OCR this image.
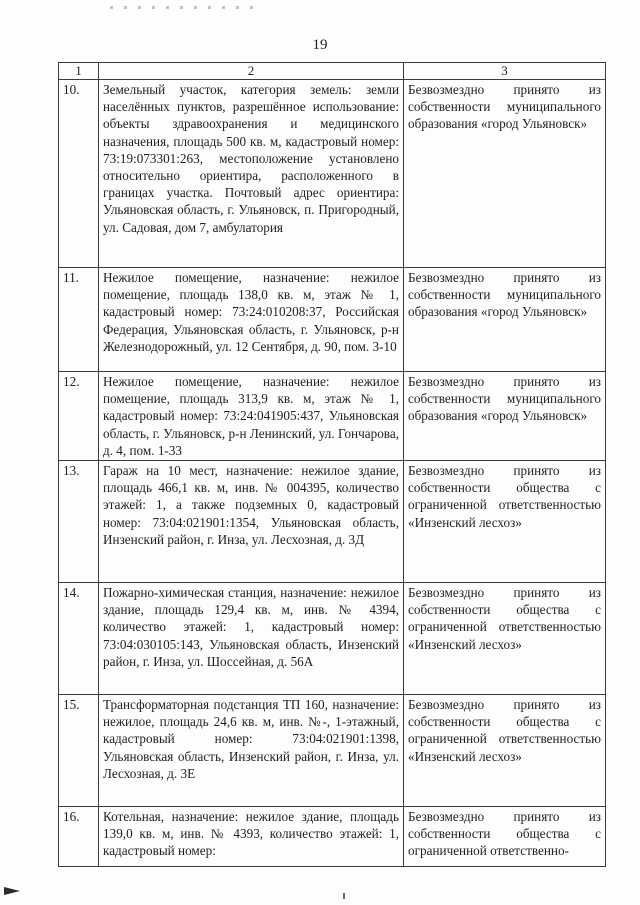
19
1	2	3
10.	Земельный участок, категория земель: земли населённых пунктов, разрешённое использование: объекты здравоохранения и медицинского назначения, площадь 500 кв. м, кадастровый номер: 73:19:073301:263, местоположение установлено относительно ориентира, расположенного в границах участка. Почтовый адрес ориентира: Ульяновская область, г. Ульяновск, п. Пригородный, ул. Садовая, дом 7, амбулатория	Безвозмездно принято из собственности муниципального образования «город Ульяновск»
11.	Нежилое помещение, назначение: нежилое помещение, площадь 138,0 кв. м, этаж № 1, кадастровый номер: 73:24:010208:37, Российская Федерация, Ульяновская область, г. Ульяновск, р-н Железнодорожный, ул. 12 Сентября, д. 90, пом. 3-10	Безвозмездно принято из собственности муниципального образования «город Ульяновск»
12.	Нежилое помещение, назначение: нежилое помещение, площадь 313,9 кв. м, этаж № 1, кадастровый номер: 73:24:041905:437, Ульяновская область, г. Ульяновск, р-н Ленинский, ул. Гончарова, д. 4, пом. 1-33	Безвозмездно принято из собственности муниципального образования «город Ульяновск»
13.	Гараж на 10 мест, назначение: нежилое здание, площадь 466,1 кв. м, инв. № 004395, количество этажей: 1, а также подземных 0, кадастровый номер: 73:04:021901:1354, Ульяновская область, Инзенский район, г. Инза, ул. Лесхозная, д. 3Д	Безвозмездно принято из собственности общества с ограниченной ответственностью «Инзенский лесхоз»
14.	Пожарно-химическая станция, назначение: нежилое здание, площадь 129,4 кв. м, инв. № 4394, количество этажей: 1, кадастровый номер: 73:04:030105:143, Ульяновская область, Инзенский район, г. Инза, ул. Шоссейная, д. 56А	Безвозмездно принято из собственности общества с ограниченной ответственностью «Инзенский лесхоз»
15.	Трансформаторная подстанция ТП 160, назначение: нежилое, площадь 24,6 кв. м, инв. №-, 1-этажный, кадастровый номер: 73:04:021901:1398, Ульяновская область, Инзенский район, г. Инза, ул. Лесхозная, д. 3Е	Безвозмездно принято из собственности общества с ограниченной ответственностью «Инзенский лесхоз»
16.	Котельная, назначение: нежилое здание, площадь 139,0 кв. м, инв. № 4393, количество этажей: 1, кадастровый номер:	Безвозмездно принято из собственности общества с ограниченной ответственно-
